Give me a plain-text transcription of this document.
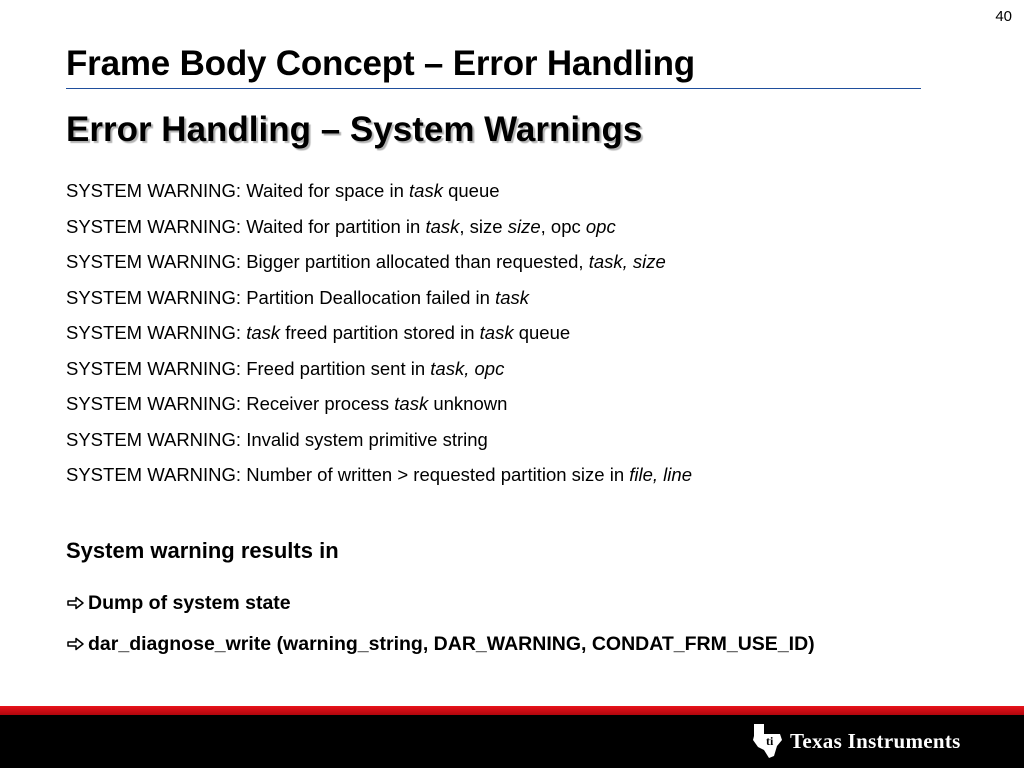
40
Frame Body Concept – Error Handling
Error Handling – System Warnings
SYSTEM WARNING: Waited for space in task queue
SYSTEM WARNING: Waited for partition in task, size size, opc opc
SYSTEM WARNING: Bigger partition allocated than requested, task, size
SYSTEM WARNING: Partition Deallocation failed in task
SYSTEM WARNING: task freed partition stored in task queue
SYSTEM WARNING: Freed partition sent in task, opc
SYSTEM WARNING: Receiver process task unknown
SYSTEM WARNING: Invalid system primitive string
SYSTEM WARNING: Number of written > requested partition size in file, line
System warning results in
Dump of system state
dar_diagnose_write (warning_string, DAR_WARNING, CONDAT_FRM_USE_ID)
ti Texas Instruments
